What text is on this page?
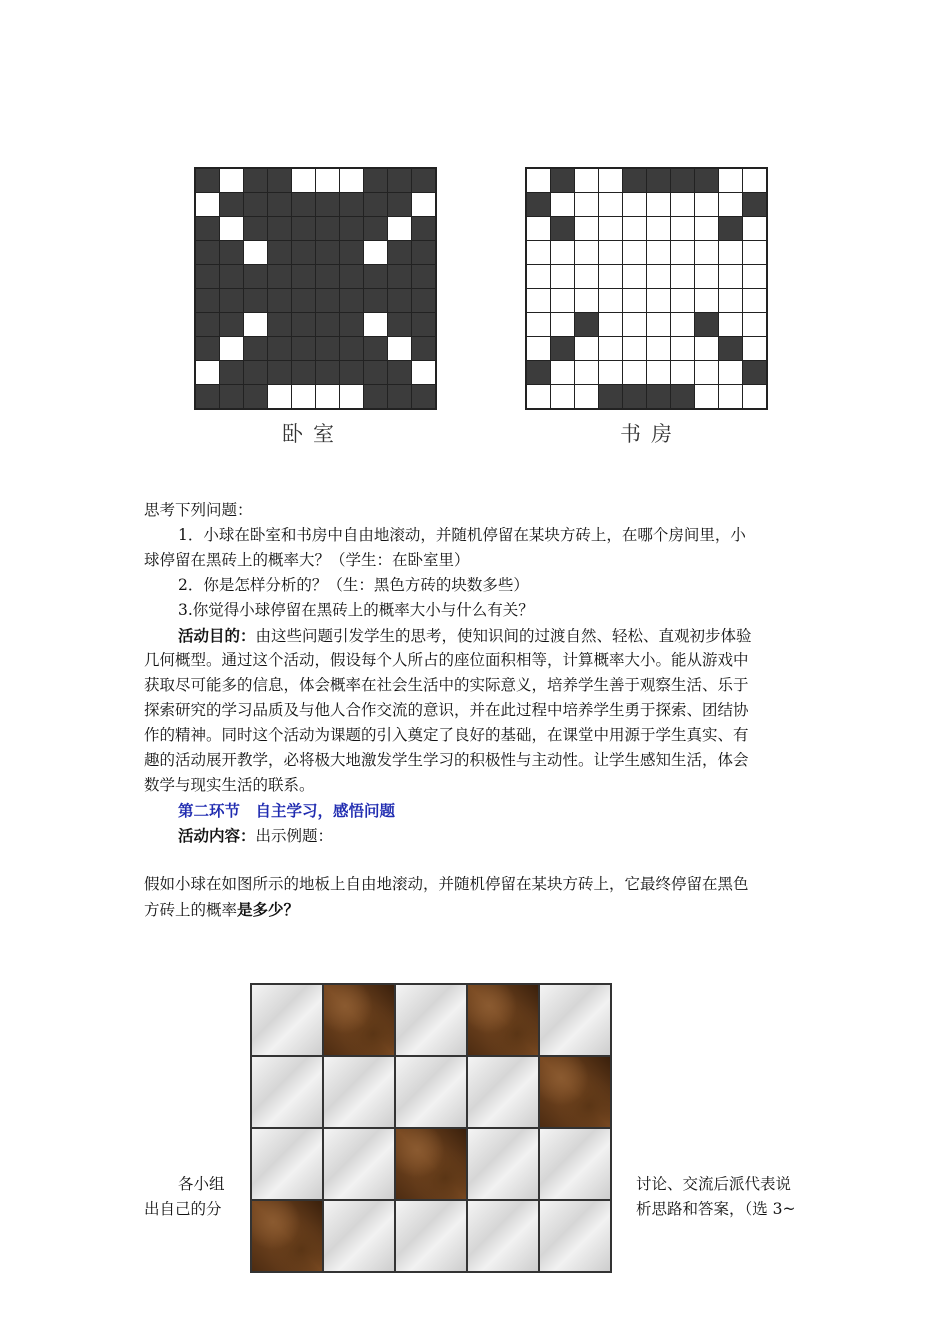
卧室	书房
思考下列问题：
1．小球在卧室和书房中自由地滚动，并随机停留在某块方砖上，在哪个房间里，小
球停留在黑砖上的概率大？（学生：在卧室里）
2．你是怎样分析的？（生：黑色方砖的块数多些）
3.你觉得小球停留在黑砖上的概率大小与什么有关？
活动目的：由这些问题引发学生的思考，使知识间的过渡自然、轻松、直观初步体验
几何概型。通过这个活动，假设每个人所占的座位面积相等，计算概率大小。能从游戏中
获取尽可能多的信息，体会概率在社会生活中的实际意义，培养学生善于观察生活、乐于
探索研究的学习品质及与他人合作交流的意识，并在此过程中培养学生勇于探索、团结协
作的精神。同时这个活动为课题的引入奠定了良好的基础，在课堂中用源于学生真实、有
趣的活动展开教学，必将极大地激发学生学习的积极性与主动性。让学生感知生活，体会
数学与现实生活的联系。
第二环节　自主学习，感悟问题
活动内容：出示例题：
假如小球在如图所示的地板上自由地滚动，并随机停留在某块方砖上，它最终停留在黑色
方砖上的概率是多少？
各小组
出自己的分
讨论、交流后派代表说
析思路和答案，（选 3~
